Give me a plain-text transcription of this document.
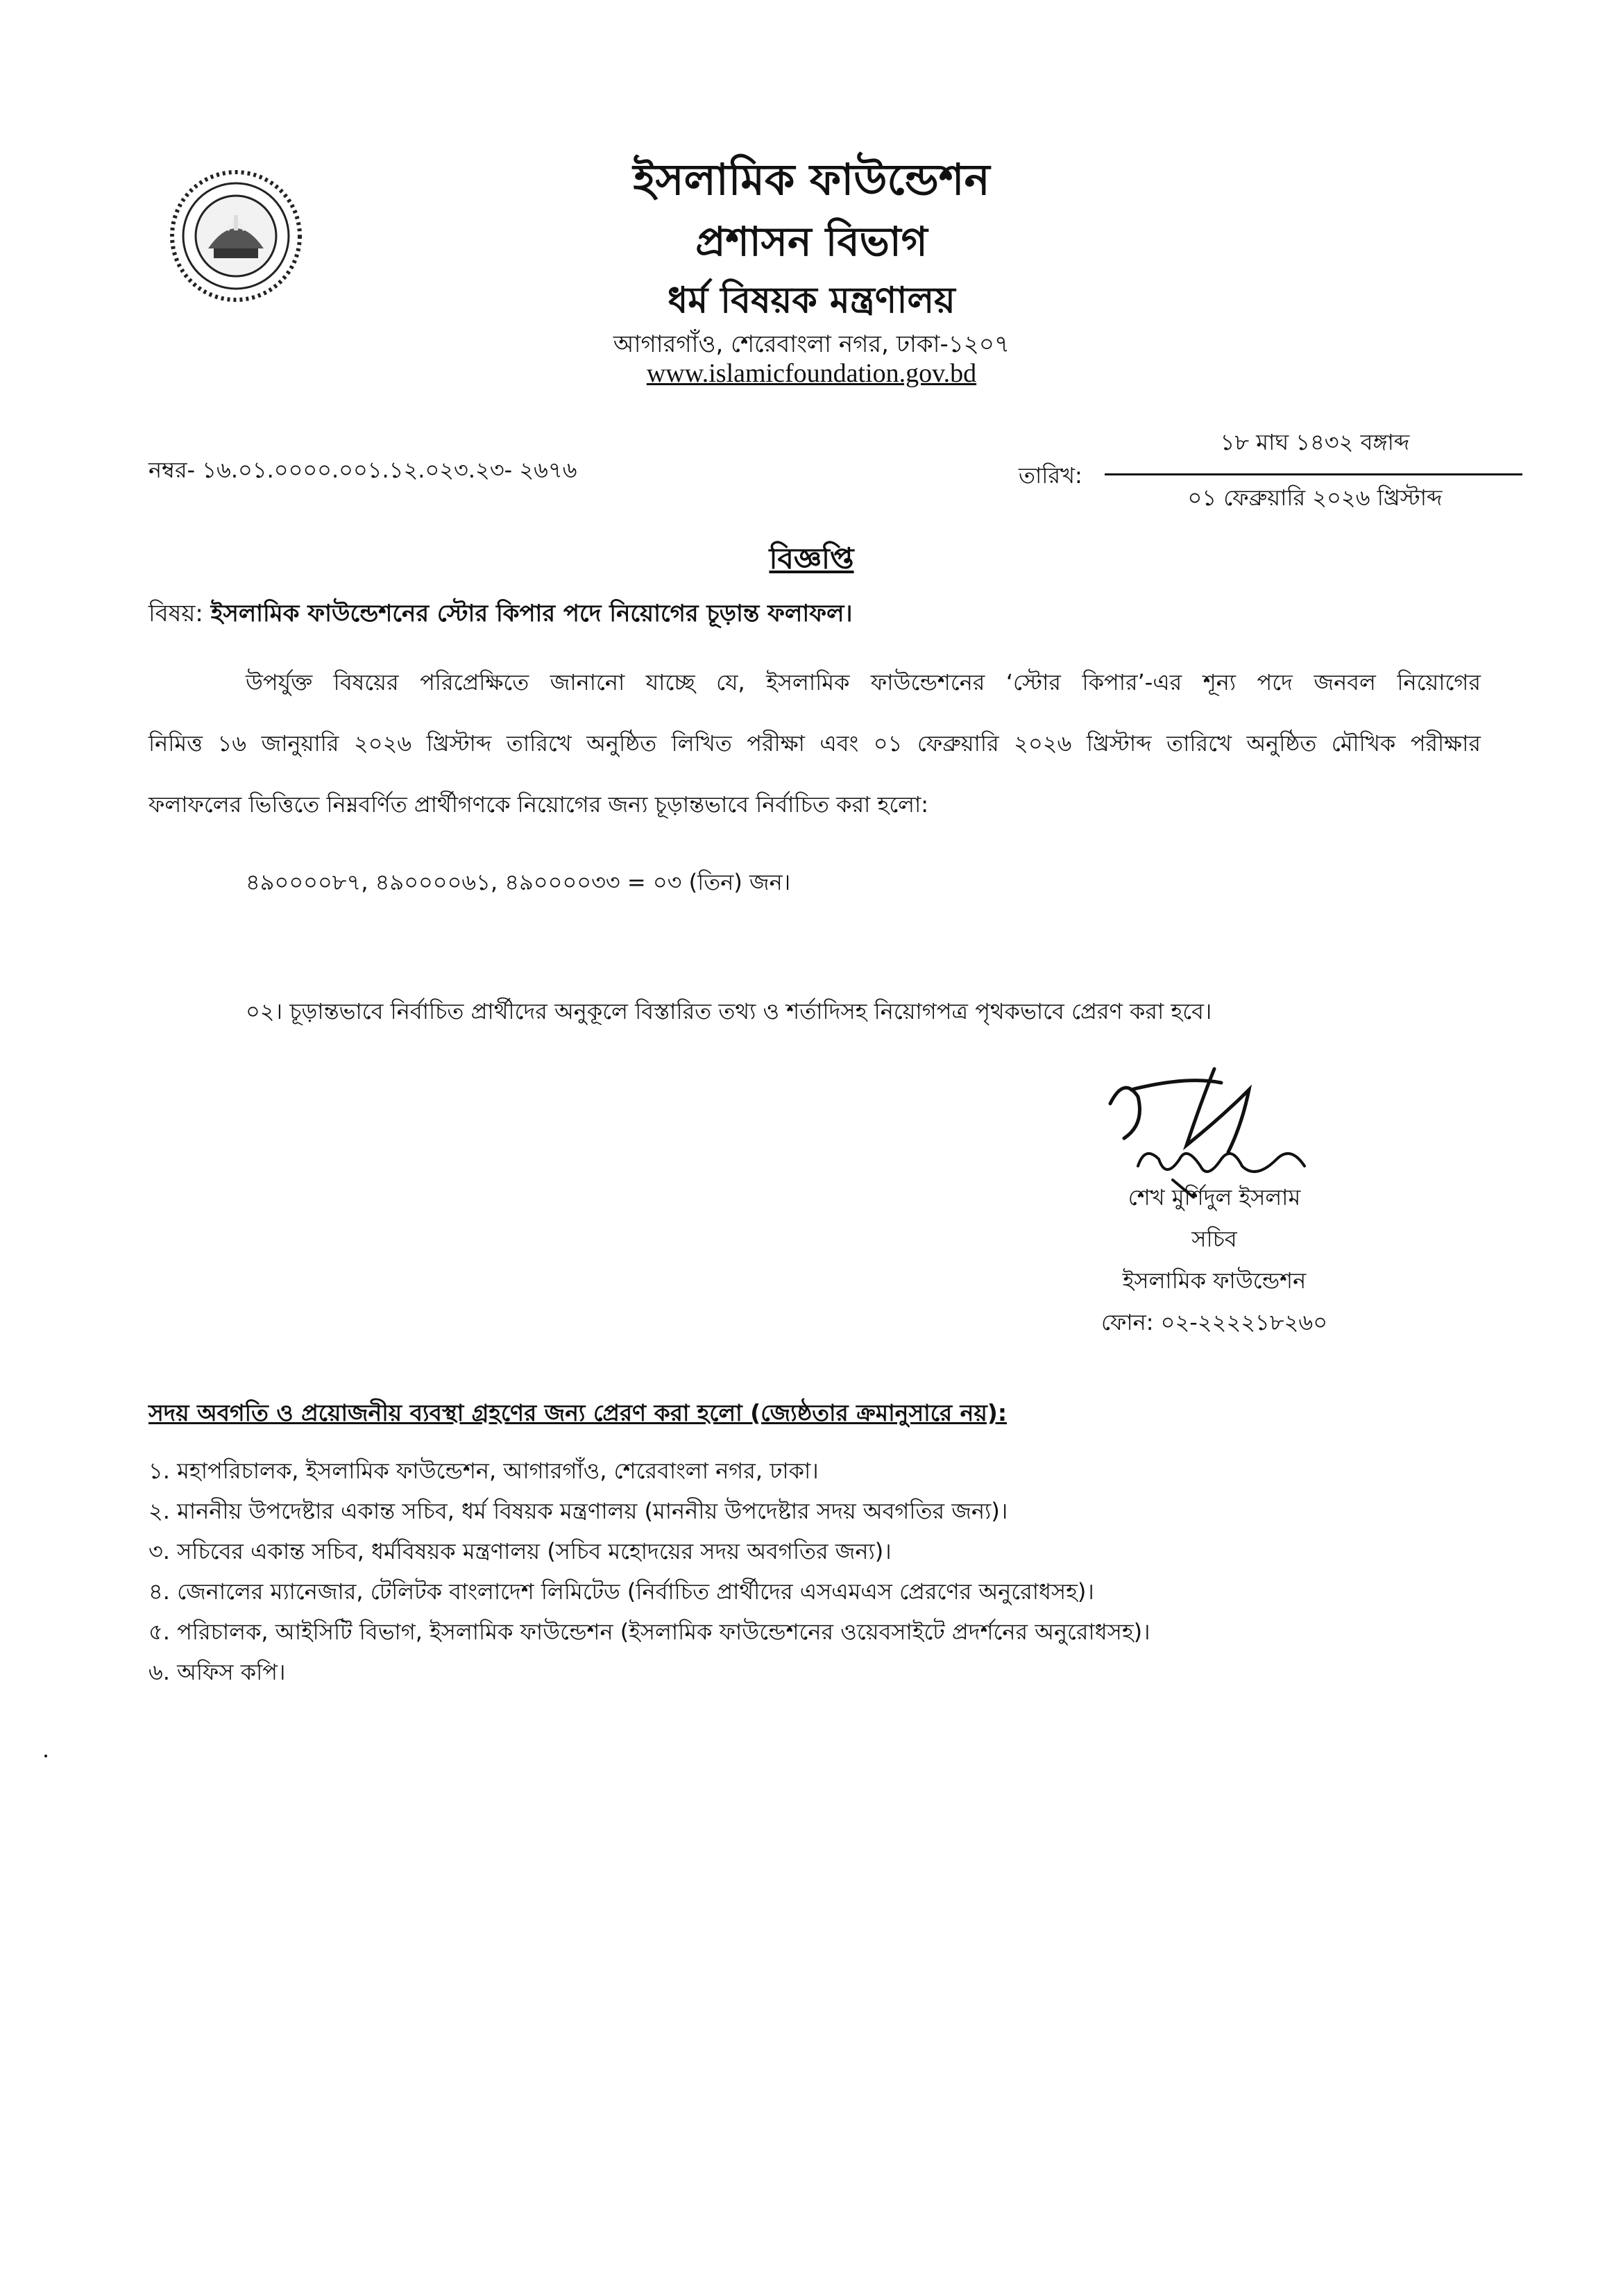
ইসলামিক ফাউন্ডেশন
প্রশাসন বিভাগ
ধর্ম বিষয়ক মন্ত্রণালয়
আগারগাঁও, শেরেবাংলা নগর, ঢাকা-১২০৭
www.islamicfoundation.gov.bd
নম্বর- ১৬.০১.০০০০.০০১.১২.০২৩.২৩- ২৬৭৬	তারিখ:
১৮ মাঘ ১৪৩২ বঙ্গাব্দ
০১ ফেব্রুয়ারি ২০২৬ খ্রিস্টাব্দ
বিজ্ঞপ্তি
বিষয়: ইসলামিক ফাউন্ডেশনের স্টোর কিপার পদে নিয়োগের চূড়ান্ত ফলাফল।
উপর্যুক্ত বিষয়ের পরিপ্রেক্ষিতে জানানো যাচ্ছে যে, ইসলামিক ফাউন্ডেশনের ‘স্টোর কিপার’-এর শূন্য পদে জনবল নিয়োগের
নিমিত্ত ১৬ জানুয়ারি ২০২৬ খ্রিস্টাব্দ তারিখে অনুষ্ঠিত লিখিত পরীক্ষা এবং ০১ ফেব্রুয়ারি ২০২৬ খ্রিস্টাব্দ তারিখে অনুষ্ঠিত মৌখিক পরীক্ষার
ফলাফলের ভিত্তিতে নিম্নবর্ণিত প্রার্থীগণকে নিয়োগের জন্য চূড়ান্তভাবে নির্বাচিত করা হলো:
৪৯০০০০৮৭, ৪৯০০০০৬১, ৪৯০০০০৩৩ = ০৩ (তিন) জন।
০২। চূড়ান্তভাবে নির্বাচিত প্রার্থীদের অনুকূলে বিস্তারিত তথ্য ও শর্তাদিসহ নিয়োগপত্র পৃথকভাবে প্রেরণ করা হবে।
শেখ মুর্শিদুল ইসলাম
সচিব
ইসলামিক ফাউন্ডেশন
ফোন: ০২-২২২২১৮২৬০
সদয় অবগতি ও প্রয়োজনীয় ব্যবস্থা গ্রহণের জন্য প্রেরণ করা হলো (জ্যেষ্ঠতার ক্রমানুসারে নয়):
১. মহাপরিচালক, ইসলামিক ফাউন্ডেশন, আগারগাঁও, শেরেবাংলা নগর, ঢাকা।
২. মাননীয় উপদেষ্টার একান্ত সচিব, ধর্ম বিষয়ক মন্ত্রণালয় (মাননীয় উপদেষ্টার সদয় অবগতির জন্য)।
৩. সচিবের একান্ত সচিব, ধর্মবিষয়ক মন্ত্রণালয় (সচিব মহোদয়ের সদয় অবগতির জন্য)।
৪. জেনালের ম্যানেজার, টেলিটক বাংলাদেশ লিমিটেড (নির্বাচিত প্রার্থীদের এসএমএস প্রেরণের অনুরোধসহ)।
৫. পরিচালক, আইসিটি বিভাগ, ইসলামিক ফাউন্ডেশন (ইসলামিক ফাউন্ডেশনের ওয়েবসাইটে প্রদর্শনের অনুরোধসহ)।
৬. অফিস কপি।
